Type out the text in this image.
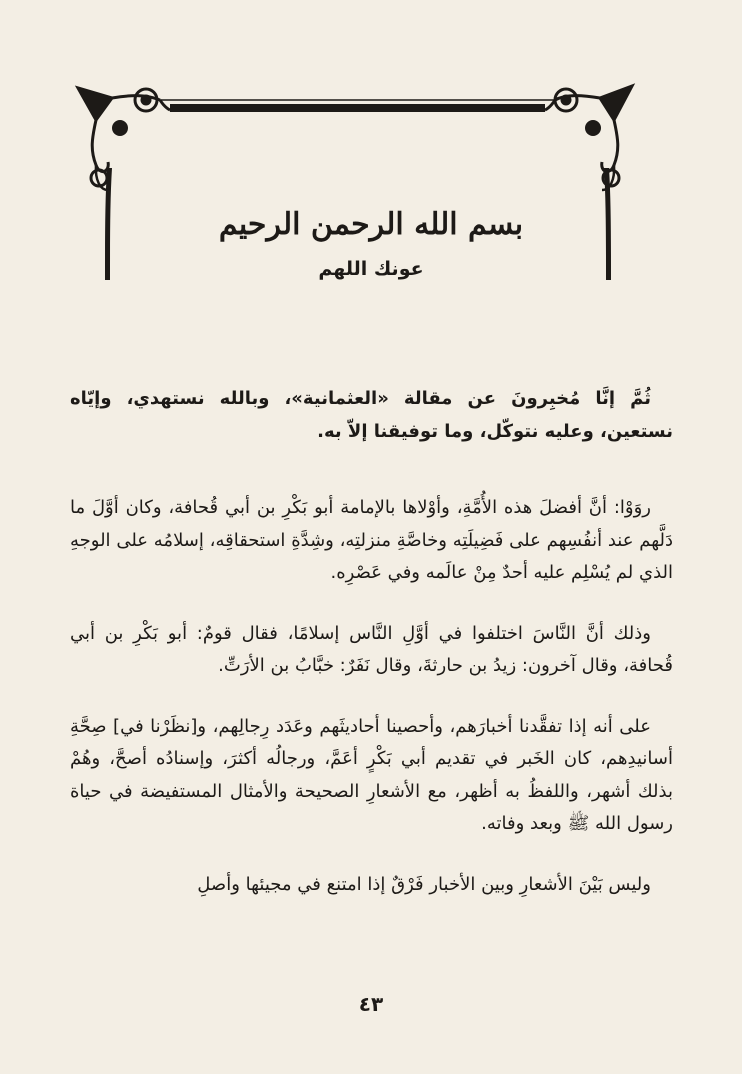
بسم الله الرحمن الرحيم
عونك اللهم

ثُمَّ إنَّا مُخبِرونَ عن مقالة «العثمانية»، وبالله نستهدي، وإيّاه نستعين، وعليه نتوكّل، وما توفيقنا إلاّ به.

روَوْا: أنَّ أفضلَ هذه الأُمَّةِ، وأوْلاها بالإمامة أبو بَكْرِ بن أبي قُحافة، وكان أوَّلَ ما دَلَّهم عند أنفُسِهم على فَضِيلَتِه وخاصَّةِ منزلتِه، وشِدَّةِ استحقاقِه، إسلامُه على الوجهِ الذي لم يُسْلِم عليه أحدٌ مِنْ عالَمه وفي عَصْرِه.

وذلك أنَّ النَّاسَ اختلفوا في أوَّلِ النَّاس إسلامًا، فقال قومٌ: أبو بَكْرِ بن أبي قُحافة، وقال آخرون: زيدُ بن حارثةَ، وقال نَفَرٌ: خبَّابُ بن الأرَتِّ.

على أنه إذا تفقَّدنا أخبارَهم، وأحصينا أحاديثَهم وعَدَد رِجالِهم، و[نظَرْنا في] صِحَّةِ أسانيدِهم، كان الخَبر في تقديم أبي بَكْرٍ أعَمَّ، ورجالُه أكثرَ، وإسنادُه أصحَّ، وهُمْ بذلك أشهر، واللفظُ به أظهر، مع الأشعارِ الصحيحة والأمثال المستفيضة في حياة رسول الله ﷺ وبعد وفاته.

وليس بَيْنَ الأشعارِ وبين الأخبار فَرْقٌ إذا امتنع في مجيئها وأصلِ

٤٣
